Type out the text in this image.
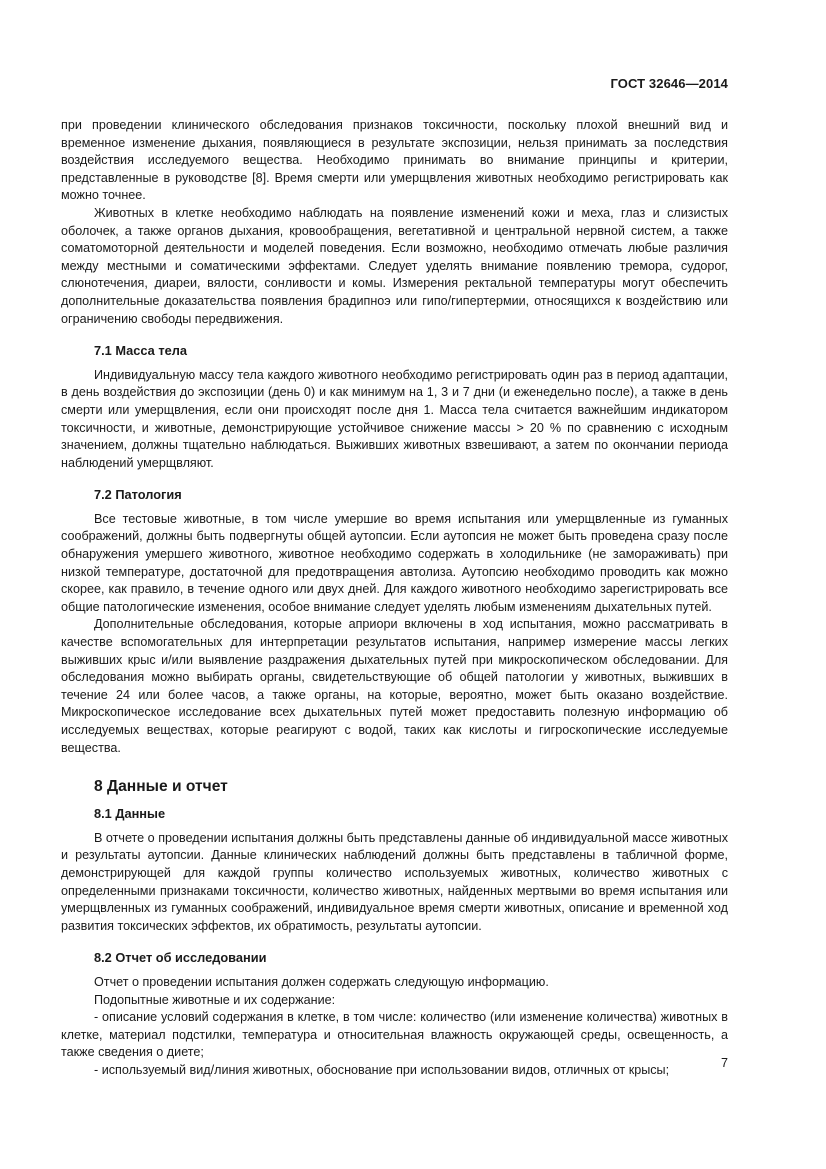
ГОСТ 32646—2014

при проведении клинического обследования признаков токсичности, поскольку плохой внешний вид и временное изменение дыхания, появляющиеся в результате экспозиции, нельзя принимать за последствия воздействия исследуемого вещества. Необходимо принимать во внимание принципы и критерии, представленные в руководстве [8]. Время смерти или умерщвления животных необходимо регистрировать как можно точнее.

Животных в клетке необходимо наблюдать на появление изменений кожи и меха, глаз и слизистых оболочек, а также органов дыхания, кровообращения, вегетативной и центральной нервной систем, а также соматомоторной деятельности и моделей поведения. Если возможно, необходимо отмечать любые различия между местными и соматическими эффектами. Следует уделять внимание появлению тремора, судорог, слюнотечения, диареи, вялости, сонливости и комы. Измерения ректальной температуры могут обеспечить дополнительные доказательства появления брадипноэ или гипо/гипертермии, относящихся к воздействию или ограничению свободы передвижения.

7.1 Масса тела

Индивидуальную массу тела каждого животного необходимо регистрировать один раз в период адаптации, в день воздействия до экспозиции (день 0) и как минимум на 1, 3 и 7 дни (и еженедельно после), а также в день смерти или умерщвления, если они происходят после дня 1. Масса тела считается важнейшим индикатором токсичности, и животные, демонстрирующие устойчивое снижение массы > 20 % по сравнению с исходным значением, должны тщательно наблюдаться. Выживших животных взвешивают, а затем по окончании периода наблюдений умерщвляют.

7.2 Патология

Все тестовые животные, в том числе умершие во время испытания или умерщвленные из гуманных соображений, должны быть подвергнуты общей аутопсии. Если аутопсия не может быть проведена сразу после обнаружения умершего животного, животное необходимо содержать в холодильнике (не замораживать) при низкой температуре, достаточной для предотвращения автолиза. Аутопсию необходимо проводить как можно скорее, как правило, в течение одного или двух дней. Для каждого животного необходимо зарегистрировать все общие патологические изменения, особое внимание следует уделять любым изменениям дыхательных путей.

Дополнительные обследования, которые априори включены в ход испытания, можно рассматривать в качестве вспомогательных для интерпретации результатов испытания, например измерение массы легких выживших крыс и/или выявление раздражения дыхательных путей при микроскопическом обследовании. Для обследования можно выбирать органы, свидетельствующие об общей патологии у животных, выживших в течение 24 или более часов, а также органы, на которые, вероятно, может быть оказано воздействие. Микроскопическое исследование всех дыхательных путей может предоставить полезную информацию об исследуемых веществах, которые реагируют с водой, таких как кислоты и гигроскопические исследуемые вещества.

8 Данные и отчет
8.1 Данные

В отчете о проведении испытания должны быть представлены данные об индивидуальной массе животных и результаты аутопсии. Данные клинических наблюдений должны быть представлены в табличной форме, демонстрирующей для каждой группы количество используемых животных, количество животных с определенными признаками токсичности, количество животных, найденных мертвыми во время испытания или умерщвленных из гуманных соображений, индивидуальное время смерти животных, описание и временной ход развития токсических эффектов, их обратимость, результаты аутопсии.

8.2 Отчет об исследовании

Отчет о проведении испытания должен содержать следующую информацию.

Подопытные животные и их содержание:

- описание условий содержания в клетке, в том числе: количество (или изменение количества) животных в клетке, материал подстилки, температура и относительная влажность окружающей среды, освещенность, а также сведения о диете;

- используемый вид/линия животных, обоснование при использовании видов, отличных от крысы;	7
